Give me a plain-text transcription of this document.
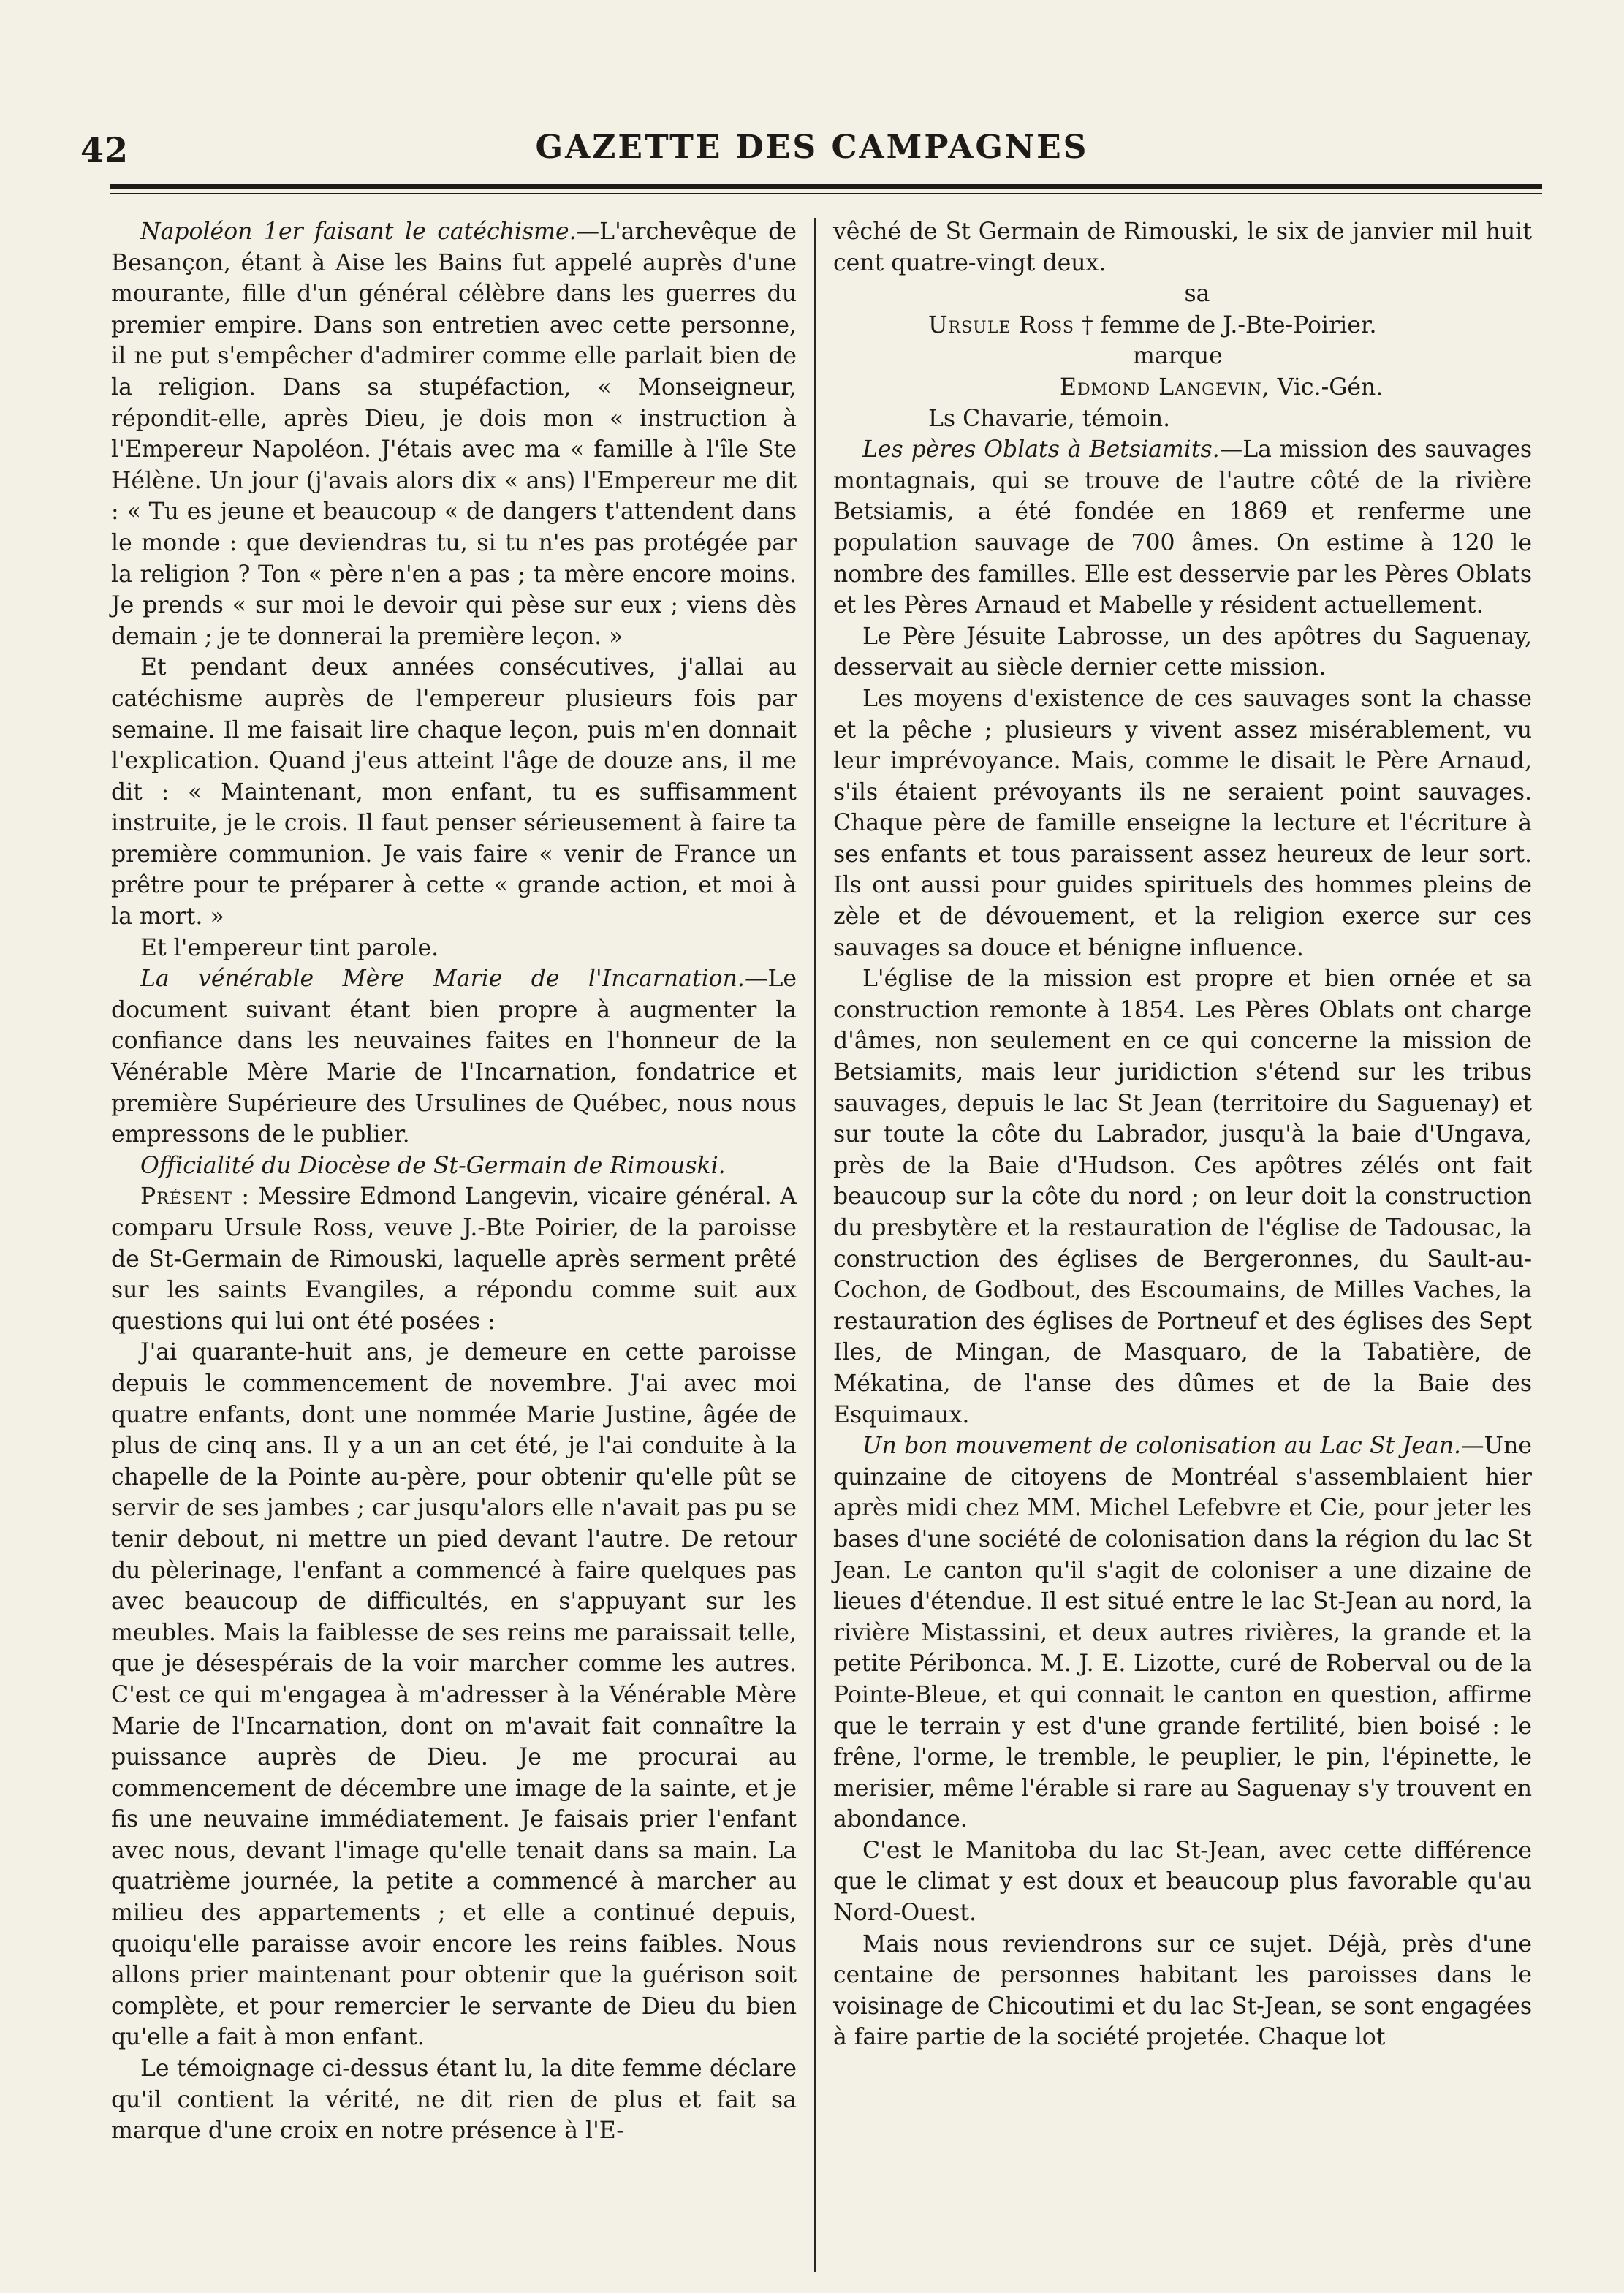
42	GAZETTE DES CAMPAGNES

Napoléon 1er faisant le catéchisme.—L'archevêque de Besançon, étant à Aise les Bains fut appelé auprès d'une mourante, fille d'un général célèbre dans les guerres du premier empire. Dans son entretien avec cette personne, il ne put s'empêcher d'admirer comme elle parlait bien de la religion. Dans sa stupéfaction, « Monseigneur, répondit-elle, après Dieu, je dois mon « instruction à l'Empereur Napoléon. J'étais avec ma « famille à l'île Ste Hélène. Un jour (j'avais alors dix « ans) l'Empereur me dit : « Tu es jeune et beaucoup « de dangers t'attendent dans le monde : que deviendras tu, si tu n'es pas protégée par la religion ? Ton « père n'en a pas ; ta mère encore moins. Je prends « sur moi le devoir qui pèse sur eux ; viens dès demain ; je te donnerai la première leçon. »

Et pendant deux années consécutives, j'allai au catéchisme auprès de l'empereur plusieurs fois par semaine. Il me faisait lire chaque leçon, puis m'en donnait l'explication. Quand j'eus atteint l'âge de douze ans, il me dit : « Maintenant, mon enfant, tu es suffisamment instruite, je le crois. Il faut penser sérieusement à faire ta première communion. Je vais faire « venir de France un prêtre pour te préparer à cette « grande action, et moi à la mort. »

Et l'empereur tint parole.

La vénérable Mère Marie de l'Incarnation.—Le document suivant étant bien propre à augmenter la confiance dans les neuvaines faites en l'honneur de la Vénérable Mère Marie de l'Incarnation, fondatrice et première Supérieure des Ursulines de Québec, nous nous empressons de le publier.

Officialité du Diocèse de St-Germain de Rimouski.

Présent : Messire Edmond Langevin, vicaire général. A comparu Ursule Ross, veuve J.-Bte Poirier, de la paroisse de St-Germain de Rimouski, laquelle après serment prêté sur les saints Evangiles, a répondu comme suit aux questions qui lui ont été posées :

J'ai quarante-huit ans, je demeure en cette paroisse depuis le commencement de novembre. J'ai avec moi quatre enfants, dont une nommée Marie Justine, âgée de plus de cinq ans. Il y a un an cet été, je l'ai conduite à la chapelle de la Pointe au-père, pour obtenir qu'elle pût se servir de ses jambes ; car jusqu'alors elle n'avait pas pu se tenir debout, ni mettre un pied devant l'autre. De retour du pèlerinage, l'enfant a commencé à faire quelques pas avec beaucoup de difficultés, en s'appuyant sur les meubles. Mais la faiblesse de ses reins me paraissait telle, que je désespérais de la voir marcher comme les autres. C'est ce qui m'engagea à m'adresser à la Vénérable Mère Marie de l'Incarnation, dont on m'avait fait connaître la puissance auprès de Dieu. Je me procurai au commencement de décembre une image de la sainte, et je fis une neuvaine immédiatement. Je faisais prier l'enfant avec nous, devant l'image qu'elle tenait dans sa main. La quatrième journée, la petite a commencé à marcher au milieu des appartements ; et elle a continué depuis, quoiqu'elle paraisse avoir encore les reins faibles. Nous allons prier maintenant pour obtenir que la guérison soit complète, et pour remercier le servante de Dieu du bien qu'elle a fait à mon enfant.

Le témoignage ci-dessus étant lu, la dite femme déclare qu'il contient la vérité, ne dit rien de plus et fait sa marque d'une croix en notre présence à l'E-

vêché de St Germain de Rimouski, le six de janvier mil huit cent quatre-vingt deux.

sa

Ursule Ross † femme de J.-Bte-Poirier.

marque

Edmond Langevin, Vic.-Gén.

Ls Chavarie, témoin.

Les pères Oblats à Betsiamits.—La mission des sauvages montagnais, qui se trouve de l'autre côté de la rivière Betsiamis, a été fondée en 1869 et renferme une population sauvage de 700 âmes. On estime à 120 le nombre des familles. Elle est desservie par les Pères Oblats et les Pères Arnaud et Mabelle y résident actuellement.

Le Père Jésuite Labrosse, un des apôtres du Saguenay, desservait au siècle dernier cette mission.

Les moyens d'existence de ces sauvages sont la chasse et la pêche ; plusieurs y vivent assez misérablement, vu leur imprévoyance. Mais, comme le disait le Père Arnaud, s'ils étaient prévoyants ils ne seraient point sauvages. Chaque père de famille enseigne la lecture et l'écriture à ses enfants et tous paraissent assez heureux de leur sort. Ils ont aussi pour guides spirituels des hommes pleins de zèle et de dévouement, et la religion exerce sur ces sauvages sa douce et bénigne influence.

L'église de la mission est propre et bien ornée et sa construction remonte à 1854. Les Pères Oblats ont charge d'âmes, non seulement en ce qui concerne la mission de Betsiamits, mais leur juridiction s'étend sur les tribus sauvages, depuis le lac St Jean (territoire du Saguenay) et sur toute la côte du Labrador, jusqu'à la baie d'Ungava, près de la Baie d'Hudson. Ces apôtres zélés ont fait beaucoup sur la côte du nord ; on leur doit la construction du presbytère et la restauration de l'église de Tadousac, la construction des églises de Bergeronnes, du Sault-au-Cochon, de Godbout, des Escoumains, de Milles Vaches, la restauration des églises de Portneuf et des églises des Sept Iles, de Mingan, de Masquaro, de la Tabatière, de Mékatina, de l'anse des dûmes et de la Baie des Esquimaux.

Un bon mouvement de colonisation au Lac St Jean.—Une quinzaine de citoyens de Montréal s'assemblaient hier après midi chez MM. Michel Lefebvre et Cie, pour jeter les bases d'une société de colonisation dans la région du lac St Jean. Le canton qu'il s'agit de coloniser a une dizaine de lieues d'étendue. Il est situé entre le lac St-Jean au nord, la rivière Mistassini, et deux autres rivières, la grande et la petite Péribonca. M. J. E. Lizotte, curé de Roberval ou de la Pointe-Bleue, et qui connait le canton en question, affirme que le terrain y est d'une grande fertilité, bien boisé : le frêne, l'orme, le tremble, le peuplier, le pin, l'épinette, le merisier, même l'érable si rare au Saguenay s'y trouvent en abondance.

C'est le Manitoba du lac St-Jean, avec cette différence que le climat y est doux et beaucoup plus favorable qu'au Nord-Ouest.

Mais nous reviendrons sur ce sujet. Déjà, près d'une centaine de personnes habitant les paroisses dans le voisinage de Chicoutimi et du lac St-Jean, se sont engagées à faire partie de la société projetée. Chaque lot
